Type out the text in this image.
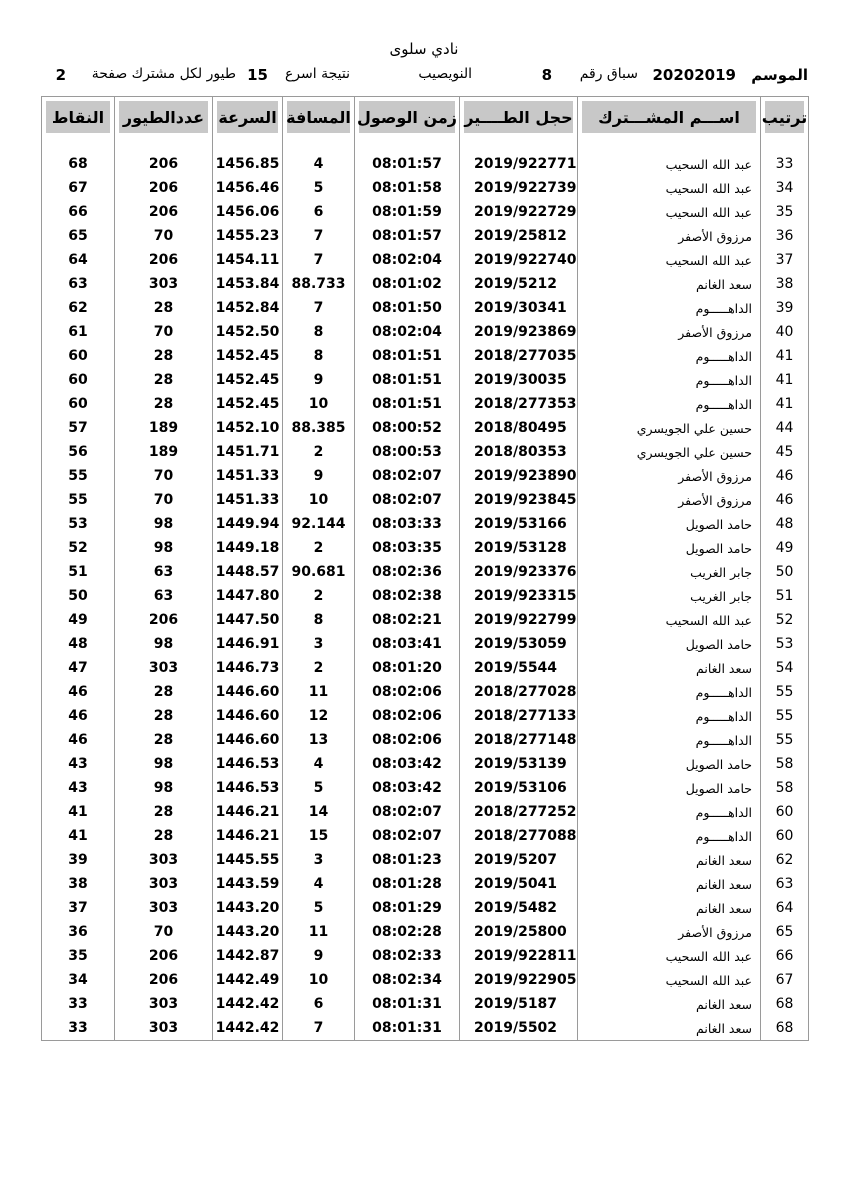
نادي سلوى
الموسم
20202019
سباق رقم
8
النويصيب
نتيجة اسرع
15
طيور لكل مشترك صفحة
2
ترتيب	اســـم المشـــترك	حجل الطــــير	زمن الوصول	المسافة	السرعة	عددالطيور	النقاط

33	عبد الله السحيب	2019/922771	08:01:57	4	1456.85	206	68
34	عبد الله السحيب	2019/922739	08:01:58	5	1456.46	206	67
35	عبد الله السحيب	2019/922729	08:01:59	6	1456.06	206	66
36	مرزوق الأصفر	2019/25812	08:01:57	7	1455.23	70	65
37	عبد الله السحيب	2019/922740	08:02:04	7	1454.11	206	64
38	سعد الغانم	2019/5212	08:01:02	88.733	1453.84	303	63
39	الداهـــــوم	2019/30341	08:01:50	7	1452.84	28	62
40	مرزوق الأصفر	2019/923869	08:02:04	8	1452.50	70	61
41	الداهـــــوم	2018/277035	08:01:51	8	1452.45	28	60
41	الداهـــــوم	2019/30035	08:01:51	9	1452.45	28	60
41	الداهـــــوم	2018/277353	08:01:51	10	1452.45	28	60
44	حسين علي الجويسري	2018/80495	08:00:52	88.385	1452.10	189	57
45	حسين علي الجويسري	2018/80353	08:00:53	2	1451.71	189	56
46	مرزوق الأصفر	2019/923890	08:02:07	9	1451.33	70	55
46	مرزوق الأصفر	2019/923845	08:02:07	10	1451.33	70	55
48	حامد الصويل	2019/53166	08:03:33	92.144	1449.94	98	53
49	حامد الصويل	2019/53128	08:03:35	2	1449.18	98	52
50	جابر الغريب	2019/923376	08:02:36	90.681	1448.57	63	51
51	جابر الغريب	2019/923315	08:02:38	2	1447.80	63	50
52	عبد الله السحيب	2019/922799	08:02:21	8	1447.50	206	49
53	حامد الصويل	2019/53059	08:03:41	3	1446.91	98	48
54	سعد الغانم	2019/5544	08:01:20	2	1446.73	303	47
55	الداهـــــوم	2018/277028	08:02:06	11	1446.60	28	46
55	الداهـــــوم	2018/277133	08:02:06	12	1446.60	28	46
55	الداهـــــوم	2018/277148	08:02:06	13	1446.60	28	46
58	حامد الصويل	2019/53139	08:03:42	4	1446.53	98	43
58	حامد الصويل	2019/53106	08:03:42	5	1446.53	98	43
60	الداهـــــوم	2018/277252	08:02:07	14	1446.21	28	41
60	الداهـــــوم	2018/277088	08:02:07	15	1446.21	28	41
62	سعد الغانم	2019/5207	08:01:23	3	1445.55	303	39
63	سعد الغانم	2019/5041	08:01:28	4	1443.59	303	38
64	سعد الغانم	2019/5482	08:01:29	5	1443.20	303	37
65	مرزوق الأصفر	2019/25800	08:02:28	11	1443.20	70	36
66	عبد الله السحيب	2019/922811	08:02:33	9	1442.87	206	35
67	عبد الله السحيب	2019/922905	08:02:34	10	1442.49	206	34
68	سعد الغانم	2019/5187	08:01:31	6	1442.42	303	33
68	سعد الغانم	2019/5502	08:01:31	7	1442.42	303	33
